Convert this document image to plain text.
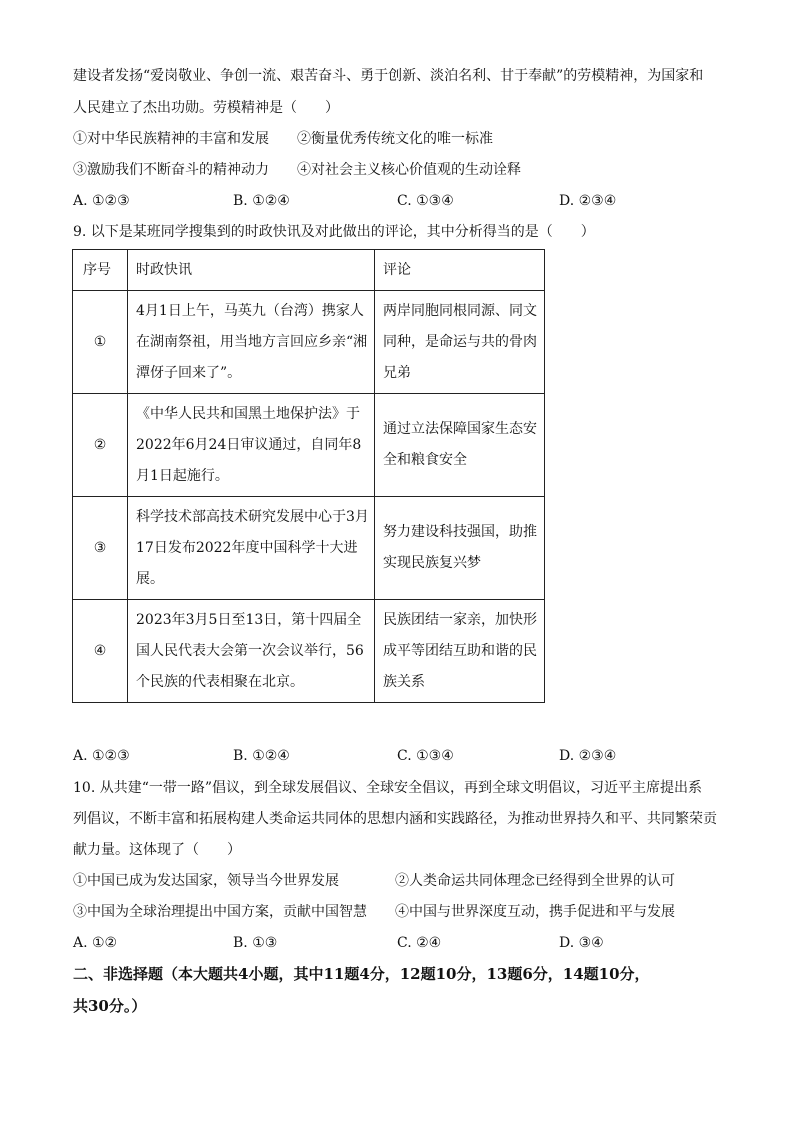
建设者发扬“爱岗敬业、争创一流、艰苦奋斗、勇于创新、淡泊名利、甘于奉献”的劳模精神，为国家和
人民建立了杰出功勋。劳模精神是（　　）
①对中华民族精神的丰富和发展 ②衡量优秀传统文化的唯一标准
③激励我们不断奋斗的精神动力 ④对社会主义核心价值观的生动诠释
A. ①②③	B. ①②④	C. ①③④	D. ②③④
9. 以下是某班同学搜集到的时政快讯及对此做出的评论，其中分析得当的是（　　）
序号	时政快讯	评论
①	4月1日上午，马英九（台湾）携家人在湖南祭祖，用当地方言回应乡亲“湘潭伢子回来了”。	两岸同胞同根同源、同文同种，是命运与共的骨肉兄弟
②	《中华人民共和国黑土地保护法》于2022年6月24日审议通过，自同年8月1日起施行。	通过立法保障国家生态安全和粮食安全
③	科学技术部高技术研究发展中心于3月17日发布2022年度中国科学十大进展。	努力建设科技强国，助推实现民族复兴梦
④	2023年3月5日至13日，第十四届全国人民代表大会第一次会议举行，56个民族的代表相聚在北京。	民族团结一家亲，加快形成平等团结互助和谐的民族关系
A. ①②③	B. ①②④	C. ①③④	D. ②③④
10. 从共建“一带一路”倡议，到全球发展倡议、全球安全倡议，再到全球文明倡议，习近平主席提出系
列倡议，不断丰富和拓展构建人类命运共同体的思想内涵和实践路径，为推动世界持久和平、共同繁荣贡
献力量。这体现了（　　）
①中国已成为发达国家，领导当今世界发展	②人类命运共同体理念已经得到全世界的认可
③中国为全球治理提出中国方案，贡献中国智慧 ④中国与世界深度互动，携手促进和平与发展
A. ①②	B. ①③	C. ②④	D. ③④
二、非选择题（本大题共4小题，其中11题4分，12题10分，13题6分，14题10分，
共30分。）
